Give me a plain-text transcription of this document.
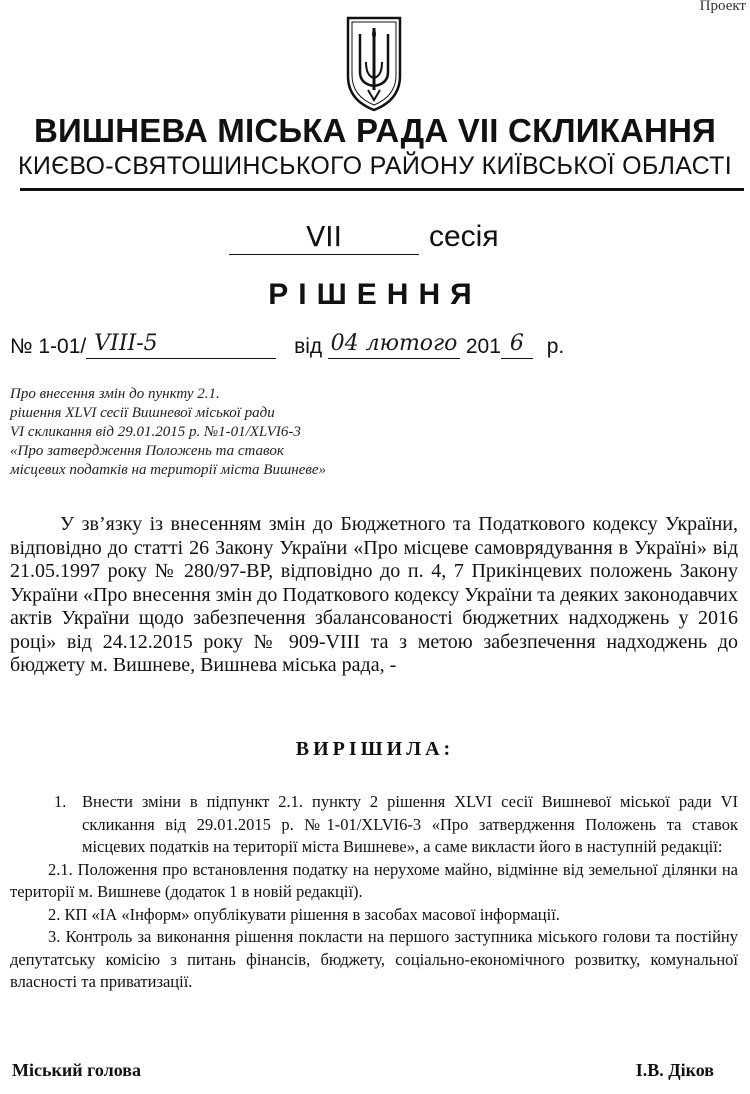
Проект
ВИШНЕВА МІСЬКА РАДА VII СКЛИКАННЯ
КИЄВО-СВЯТОШИНСЬКОГО РАЙОНУ КИЇВСЬКОЇ ОБЛАСТІ
VII	сесія
РІШЕННЯ
№ 1-01/ VIII-5	від 04 лютого 201 6 р.
Про внесення змін до пункту 2.1.
рішення XLVI сесії Вишневої міської ради
VI скликання від 29.01.2015 р. №1-01/XLVI6-3
«Про затвердження Положень та ставок
місцевих податків на території міста Вишневе»
У зв’язку із внесенням змін до Бюджетного та Податкового кодексу України, відповідно до статті 26 Закону України «Про місцеве самоврядування в Україні» від 21.05.1997 року № 280/97-ВР, відповідно до п. 4, 7 Прикінцевих положень Закону України «Про внесення змін до Податкового кодексу України та деяких законодавчих актів України щодо забезпечення збалансованості бюджетних надходжень у 2016 році» від 24.12.2015 року № 909-VIII та з метою забезпечення надходжень до бюджету м. Вишневе, Вишнева міська рада, -
ВИРІШИЛА:
1. Внести зміни в підпункт 2.1. пункту 2 рішення XLVI сесії Вишневої міської ради VI скликання від 29.01.2015 р. №1-01/XLVI6-3 «Про затвердження Положень та ставок місцевих податків на території міста Вишневе», а саме викласти його в наступній редакції:
2.1. Положення про встановлення податку на нерухоме майно, відмінне від земельної ділянки на території м. Вишневе (додаток 1 в новій редакції).
2. КП «ІА «Інформ» опублікувати рішення в засобах масової інформації.
3. Контроль за виконання рішення покласти на першого заступника міського голови та постійну депутатську комісію з питань фінансів, бюджету, соціально-економічного розвитку, комунальної власності та приватизації.
Міський голова	І.В. Діков
